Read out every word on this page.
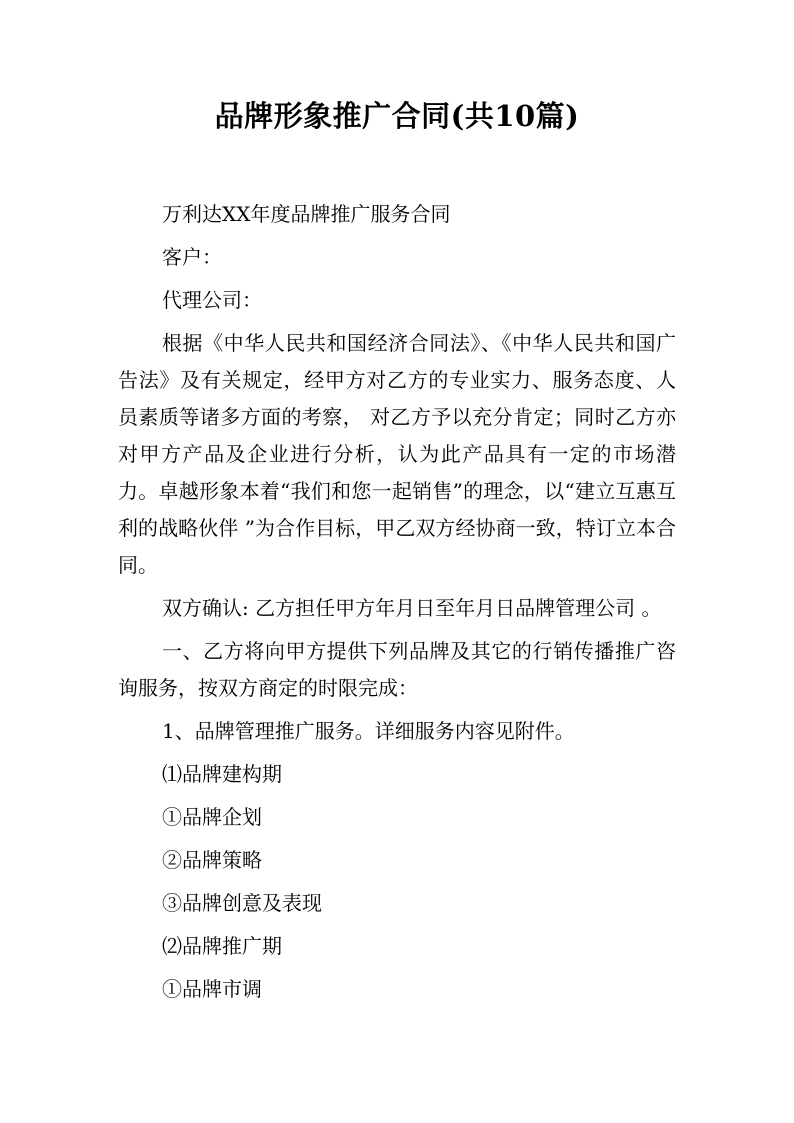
品牌形象推广合同(共10篇)

万利达XX年度品牌推广服务合同

客户：

代理公司：

根据《中华人民共和国经济合同法》、《中华人民共和国广告法》及有关规定，经甲方对乙方的专业实力、服务态度、人员素质等诸多方面的考察， 对乙方予以充分肯定；同时乙方亦对甲方产品及企业进行分析，认为此产品具有一定的市场潜力。卓越形象本着“我们和您一起销售”的理念，以“建立互惠互利的战略伙伴 ”为合作目标，甲乙双方经协商一致，特订立本合同。

双方确认: 乙方担任甲方年月日至年月日品牌管理公司 。

一、乙方将向甲方提供下列品牌及其它的行销传播推广咨询服务，按双方商定的时限完成：

1、品牌管理推广服务。详细服务内容见附件。

⑴品牌建构期

①品牌企划

②品牌策略

③品牌创意及表现

⑵品牌推广期

①品牌市调
